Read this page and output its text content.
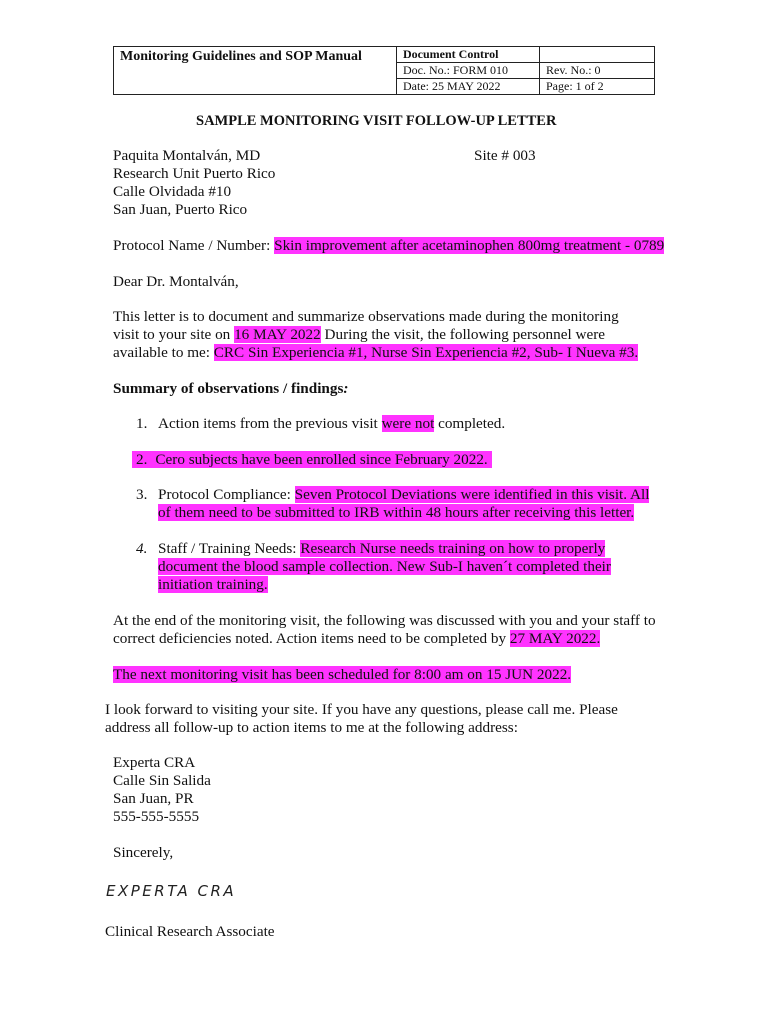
Monitoring Guidelines and SOP Manual	Document Control	
	Doc. No.: FORM 010	Rev. No.: 0
	Date: 25 MAY 2022	Page: 1 of 2
SAMPLE MONITORING VISIT FOLLOW-UP LETTER
Paquita Montalván, MD	Site # 003
Research Unit Puerto Rico
Calle Olvidada #10
San Juan, Puerto Rico
Protocol Name / Number: Skin improvement after acetaminophen 800mg treatment - 0789
Dear Dr. Montalván,
This letter is to document and summarize observations made during the monitoring
visit to your site on 16 MAY 2022 During the visit, the following personnel were
available to me: CRC Sin Experiencia #1, Nurse Sin Experiencia #2, Sub- I Nueva #3.
Summary of observations / findings:
1. Action items from the previous visit were not completed.
2. Cero subjects have been enrolled since February 2022.
3. Protocol Compliance: Seven Protocol Deviations were identified in this visit. All
of them need to be submitted to IRB within 48 hours after receiving this letter.
4. Staff / Training Needs: Research Nurse needs training on how to properly
document the blood sample collection. New Sub-I haven´t completed their
initiation training.
At the end of the monitoring visit, the following was discussed with you and your staff to
correct deficiencies noted. Action items need to be completed by 27 MAY 2022.
The next monitoring visit has been scheduled for 8:00 am on 15 JUN 2022.
I look forward to visiting your site. If you have any questions, please call me. Please
address all follow-up to action items to me at the following address:
Experta CRA
Calle Sin Salida
San Juan, PR
555-555-5555
Sincerely,
EXPERTA CRA
Clinical Research Associate
